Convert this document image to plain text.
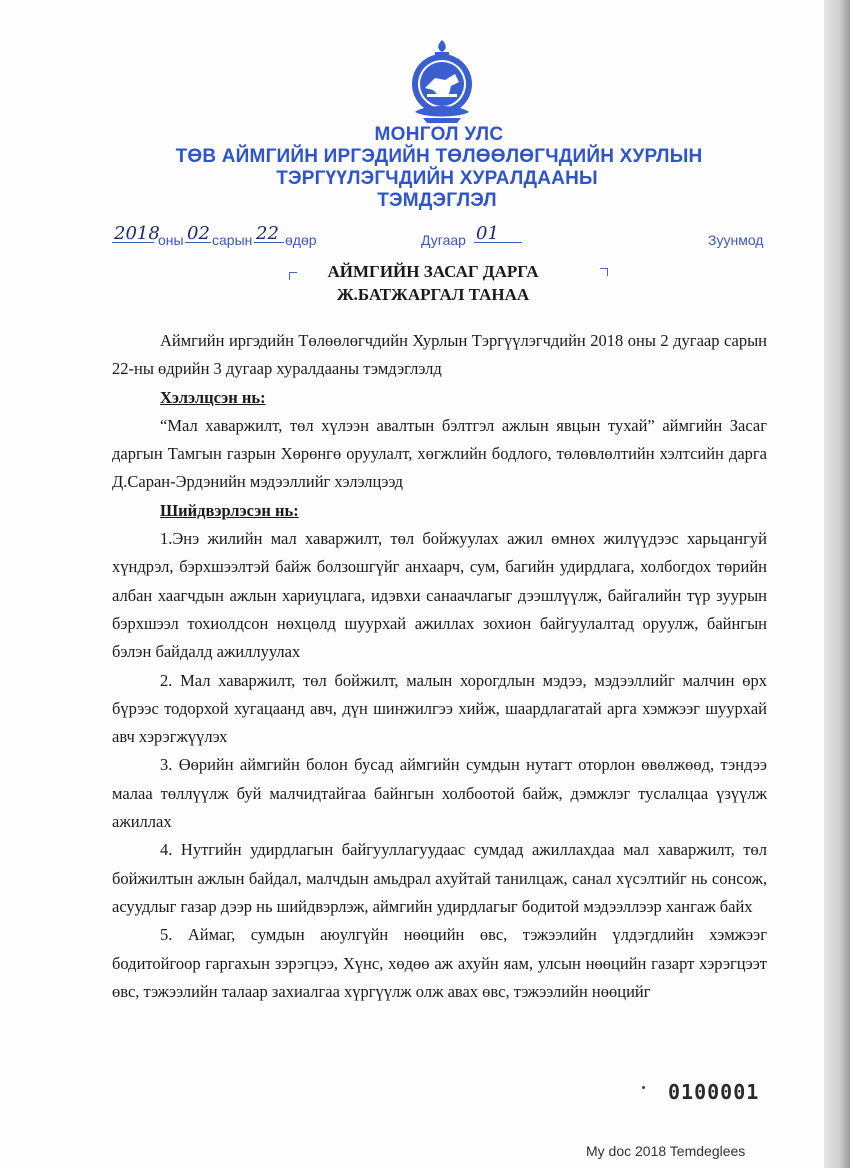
МОНГОЛ УЛС
ТӨВ АЙМГИЙН ИРГЭДИЙН ТӨЛӨӨЛӨГЧДИЙН ХУРЛЫН
ТЭРГҮҮЛЭГЧДИЙН ХУРАЛДААНЫ
ТЭМДЭГЛЭЛ
2018
оны 02 сарын 22 өдөр	Дугаар 01	Зуунмод
АЙМГИЙН ЗАСАГ ДАРГА
Ж.БАТЖАРГАЛ ТАНАА

Аймгийн иргэдийн Төлөөлөгчдийн Хурлын Тэргүүлэгчдийн 2018 оны 2 дугаар сарын 22-ны өдрийн 3 дугаар хуралдааны тэмдэглэлд

Хэлэлцсэн нь:

“Мал хаваржилт, төл хүлээн авалтын бэлтгэл ажлын явцын тухай” аймгийн Засаг даргын Тамгын газрын Хөрөнгө оруулалт, хөгжлийн бодлого, төлөвлөлтийн хэлтсийн дарга Д.Саран-Эрдэнийн мэдээллийг хэлэлцээд

Шийдвэрлэсэн нь:

1.Энэ жилийн мал хаваржилт, төл бойжуулах ажил өмнөх жилүүдээс харьцангуй хүндрэл, бэрхшээлтэй байж болзошгүйг анхаарч, сум, багийн удирдлага, холбогдох төрийн албан хаагчдын ажлын хариуцлага, идэвхи санаачлагыг дээшлүүлж, байгалийн түр зуурын бэрхшээл тохиолдсон нөхцөлд шуурхай ажиллах зохион байгуулалтад оруулж, байнгын бэлэн байдалд ажиллуулах

2. Мал хаваржилт, төл бойжилт, малын хорогдлын мэдээ, мэдээллийг малчин өрх бүрээс тодорхой хугацаанд авч, дүн шинжилгээ хийж, шаардлагатай арга хэмжээг шуурхай авч хэрэгжүүлэх

3. Өөрийн аймгийн болон бусад аймгийн сумдын нутагт оторлон өвөлжөөд, тэндээ малаа төллүүлж буй малчидтайгаа байнгын холбоотой байж, дэмжлэг туслалцаа үзүүлж ажиллах

4. Нутгийн удирдлагын байгууллагуудаас сумдад ажиллахдаа мал хаваржилт, төл бойжилтын ажлын байдал, малчдын амьдрал ахуйтай танилцаж, санал хүсэлтийг нь сонсож, асуудлыг газар дээр нь шийдвэрлэж, аймгийн удирдлагыг бодитой мэдээллээр хангаж байх

5. Аймаг, сумдын аюулгүйн нөөцийн өвс, тэжээлийн үлдэгдлийн хэмжээг бодитойгоор гаргахын зэрэгцээ, Хүнс, хөдөө аж ахуйн яам, улсын нөөцийн газарт хэрэгцээт өвс, тэжээлийн талаар захиалгаа хүргүүлж олж авах өвс, тэжээлийн нөөцийг

0100001
My doc 2018 Temdeglees
